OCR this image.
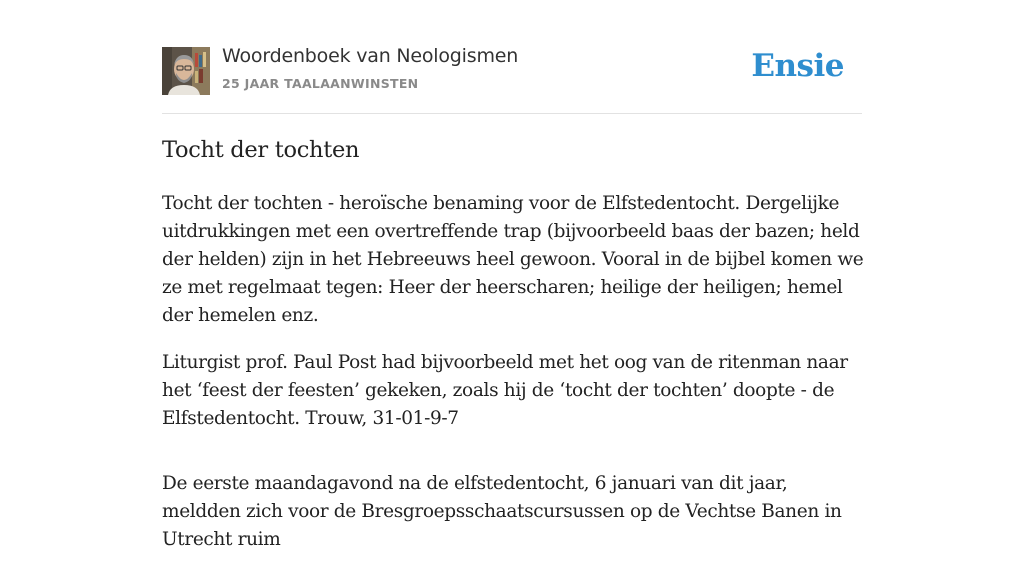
Woordenboek van Neologismen
25 JAAR TAALAANWINSTEN	Ensie
Tocht der tochten

Tocht der tochten - heroïsche benaming voor de Elfstedentocht. Dergelijke uitdrukkingen met een overtreffende trap (bijvoorbeeld baas der bazen; held der helden) zijn in het Hebreeuws heel gewoon. Vooral in de bijbel komen we ze met regelmaat tegen: Heer der heerscharen; heilige der heiligen; hemel der hemelen enz.

Liturgist prof. Paul Post had bijvoorbeeld met het oog van de ritenman naar het ‘feest der feesten’ gekeken, zoals hij de ‘tocht der tochten’ doopte - de Elfstedentocht. Trouw, 31-01-9-7

De eerste maandagavond na de elfstedentocht, 6 januari van dit jaar, meldden zich voor de Bresgroepsschaatscursussen op de Vechtse Banen in Utrecht ruim
